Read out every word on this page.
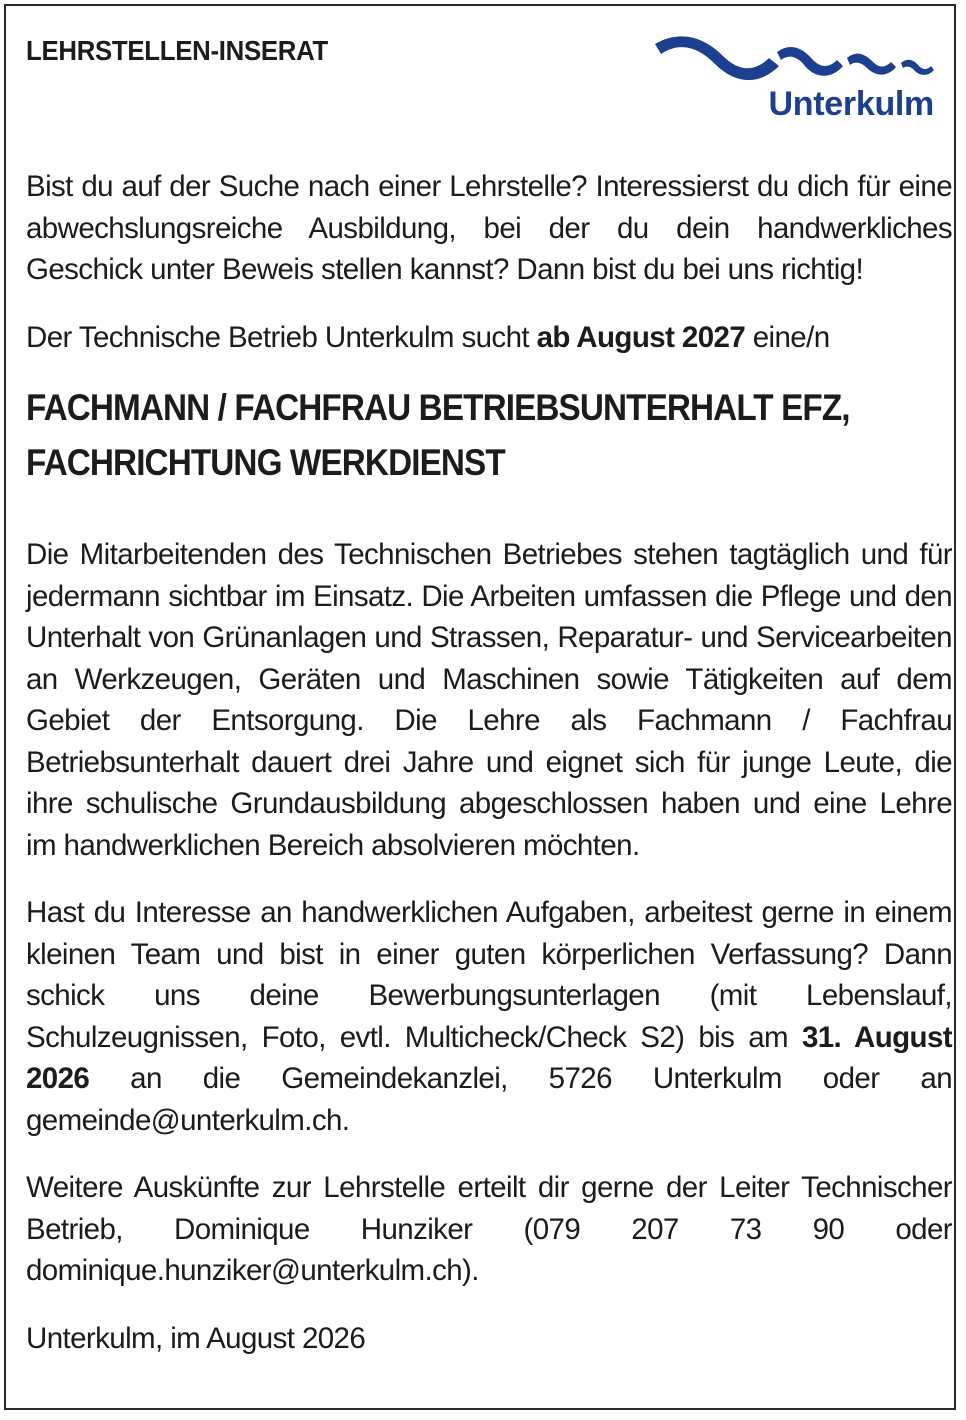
Unterkulm
LEHRSTELLEN-INSERAT

Bist du auf der Suche nach einer Lehrstelle? Interessierst du dich für eine abwechslungsreiche Ausbildung, bei der du dein handwerkliches Geschick unter Beweis stellen kannst? Dann bist du bei uns richtig!

Der Technische Betrieb Unterkulm sucht ab August 2027 eine/n

FACHMANN / FACHFRAU BETRIEBSUNTERHALT EFZ,
FACHRICHTUNG WERKDIENST

Die Mitarbeitenden des Technischen Betriebes stehen tagtäglich und für jedermann sichtbar im Einsatz. Die Arbeiten umfassen die Pflege und den Unterhalt von Grünanlagen und Strassen, Reparatur- und Servicearbeiten an Werkzeugen, Geräten und Maschinen sowie Tätigkeiten auf dem Gebiet der Entsorgung. Die Lehre als Fachmann / Fachfrau Betriebsunterhalt dauert drei Jahre und eignet sich für junge Leute, die ihre schulische Grundausbildung abgeschlossen haben und eine Lehre im handwerklichen Bereich absolvieren möchten.

Hast du Interesse an handwerklichen Aufgaben, arbeitest gerne in einem kleinen Team und bist in einer guten körperlichen Verfassung? Dann schick uns deine Bewerbungsunterlagen (mit Lebenslauf, Schulzeugnissen, Foto, evtl. Multicheck/Check S2) bis am 31. August 2026 an die Gemeindekanzlei, 5726 Unterkulm oder an gemeinde@unterkulm.ch.

Weitere Auskünfte zur Lehrstelle erteilt dir gerne der Leiter Technischer Betrieb, Dominique Hunziker (079 207 73 90 oder dominique.hunziker@unterkulm.ch).

Unterkulm, im August 2026
